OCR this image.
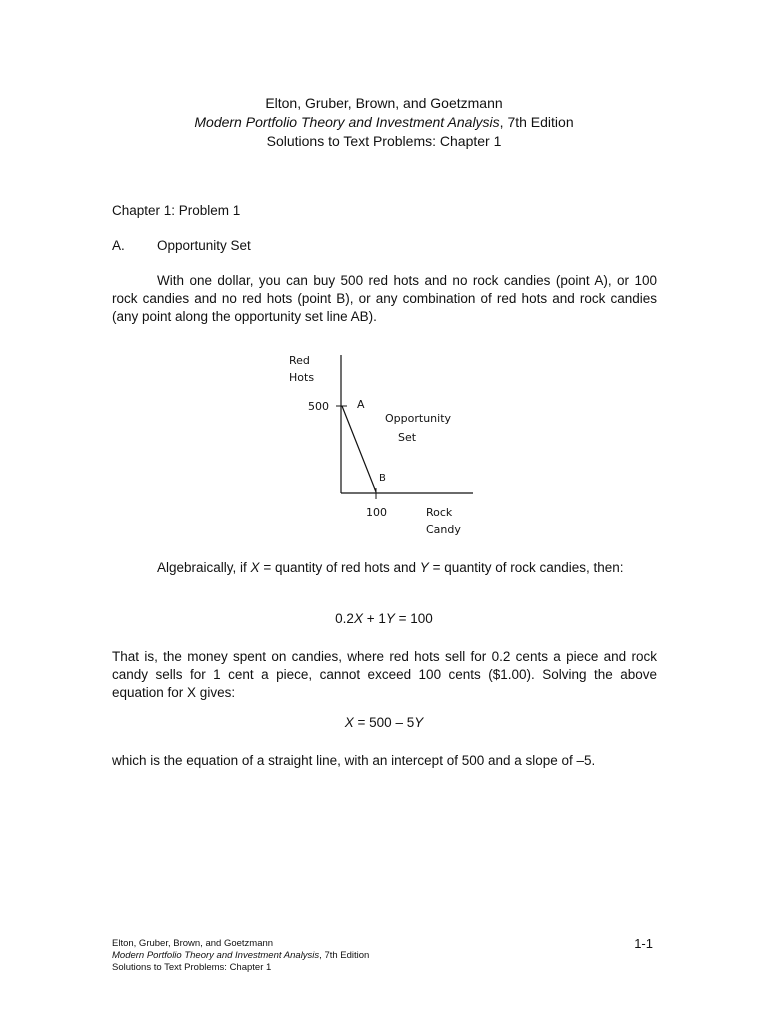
Elton, Gruber, Brown, and Goetzmann
Modern Portfolio Theory and Investment Analysis, 7th Edition
Solutions to Text Problems: Chapter 1
Chapter 1: Problem 1
A. Opportunity Set
With one dollar, you can buy 500 red hots and no rock candies (point A), or 100 rock candies and no red hots (point B), or any combination of red hots and rock candies (any point along the opportunity set line AB).
Red
Hots
500	A
Opportunity
Set
B
100	Rock
Candy
Algebraically, if X = quantity of red hots and Y = quantity of rock candies, then:
0.2X + 1Y = 100
That is, the money spent on candies, where red hots sell for 0.2 cents a piece and rock candy sells for 1 cent a piece, cannot exceed 100 cents ($1.00). Solving the above equation for X gives:
X = 500 – 5Y
which is the equation of a straight line, with an intercept of 500 and a slope of –5.
Elton, Gruber, Brown, and Goetzmann
Modern Portfolio Theory and Investment Analysis, 7th Edition
Solutions to Text Problems: Chapter 1
1-1
